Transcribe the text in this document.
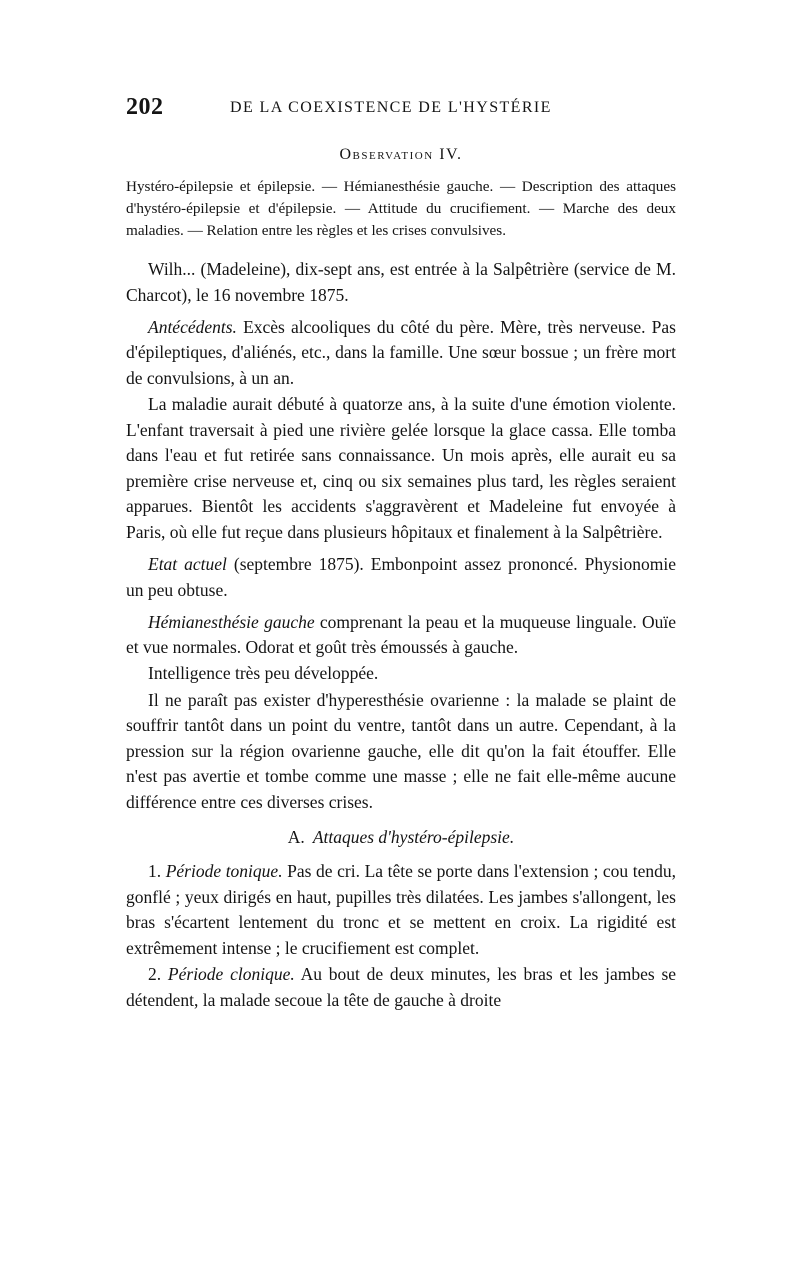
202	DE LA COEXISTENCE DE L'HYSTÉRIE
Observation IV.
Hystéro-épilepsie et épilepsie. — Hémianesthésie gauche. — Description des attaques d'hystéro-épilepsie et d'épilepsie. — Attitude du crucifiement. — Marche des deux maladies. — Relation entre les règles et les crises convulsives.

Wilh... (Madeleine), dix-sept ans, est entrée à la Salpêtrière (service de M. Charcot), le 16 novembre 1875.

Antécédents. Excès alcooliques du côté du père. Mère, très nerveuse. Pas d'épileptiques, d'aliénés, etc., dans la famille. Une sœur bossue ; un frère mort de convulsions, à un an.

La maladie aurait débuté à quatorze ans, à la suite d'une émotion violente. L'enfant traversait à pied une rivière gelée lorsque la glace cassa. Elle tomba dans l'eau et fut retirée sans connaissance. Un mois après, elle aurait eu sa première crise nerveuse et, cinq ou six semaines plus tard, les règles seraient apparues. Bientôt les accidents s'aggravèrent et Madeleine fut envoyée à Paris, où elle fut reçue dans plusieurs hôpitaux et finalement à la Salpêtrière.

Etat actuel (septembre 1875). Embonpoint assez prononcé. Physionomie un peu obtuse.

Hémianesthésie gauche comprenant la peau et la muqueuse linguale. Ouïe et vue normales. Odorat et goût très émoussés à gauche.

Intelligence très peu développée.

Il ne paraît pas exister d'hyperesthésie ovarienne : la malade se plaint de souffrir tantôt dans un point du ventre, tantôt dans un autre. Cependant, à la pression sur la région ovarienne gauche, elle dit qu'on la fait étouffer. Elle n'est pas avertie et tombe comme une masse ; elle ne fait elle-même aucune différence entre ces diverses crises.

A. Attaques d'hystéro-épilepsie.

1. Période tonique. Pas de cri. La tête se porte dans l'extension ; cou tendu, gonflé ; yeux dirigés en haut, pupilles très dilatées. Les jambes s'allongent, les bras s'écartent lentement du tronc et se mettent en croix. La rigidité est extrêmement intense ; le crucifiement est complet.

2. Période clonique. Au bout de deux minutes, les bras et les jambes se détendent, la malade secoue la tête de gauche à droite
